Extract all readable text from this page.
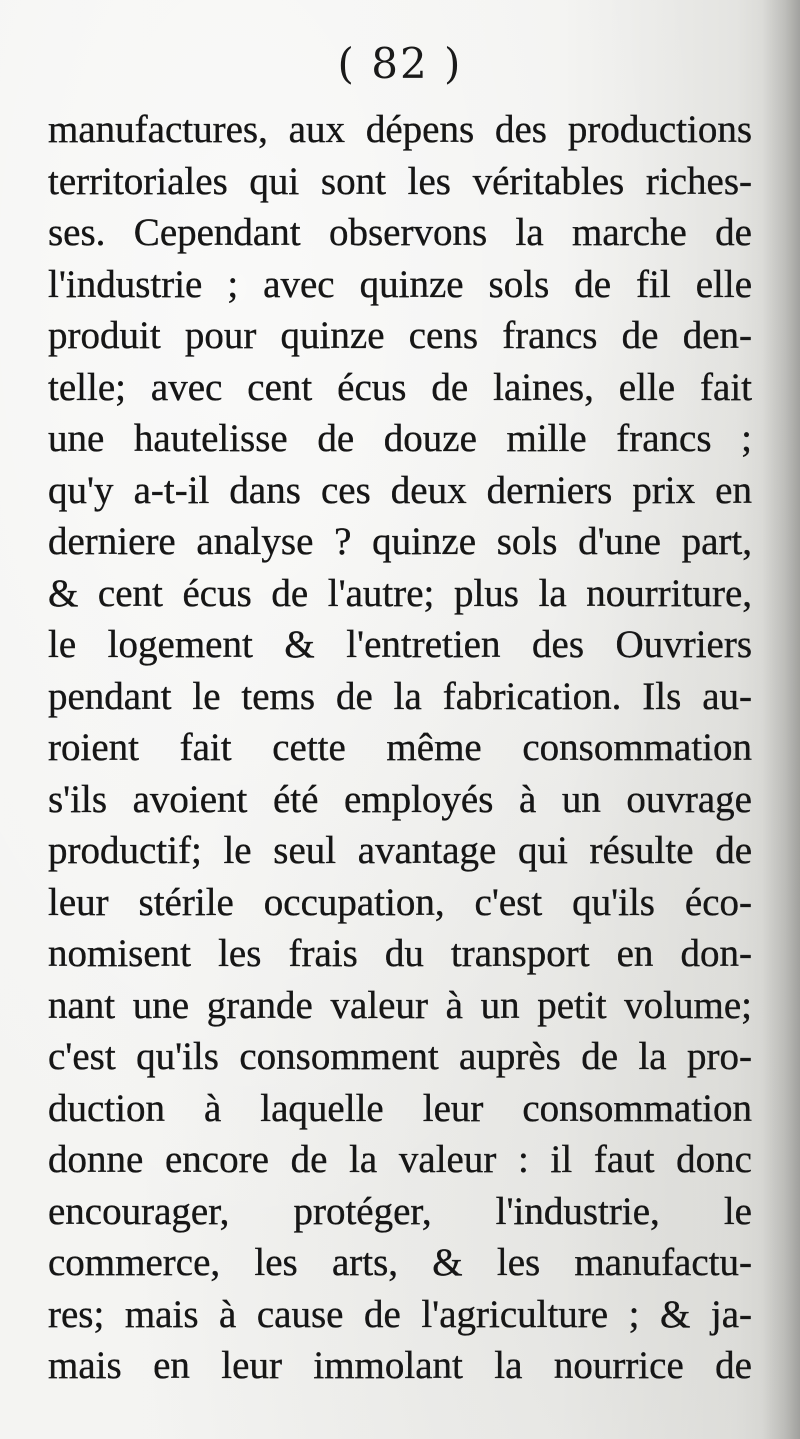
( 82 )
manufactures, aux dépens des productions
territoriales qui sont les véritables riches-
ses. Cependant observons la marche de
l'industrie ; avec quinze sols de fil elle
produit pour quinze cens francs de den-
telle; avec cent écus de laines, elle fait
une hautelisse de douze mille francs ;
qu'y a-t-il dans ces deux derniers prix en
derniere analyse ? quinze sols d'une part,
& cent écus de l'autre; plus la nourriture,
le logement & l'entretien des Ouvriers
pendant le tems de la fabrication. Ils au-
roient fait cette même consommation
s'ils avoient été employés à un ouvrage
productif; le seul avantage qui résulte de
leur stérile occupation, c'est qu'ils éco-
nomisent les frais du transport en don-
nant une grande valeur à un petit volume;
c'est qu'ils consomment auprès de la pro-
duction à laquelle leur consommation
donne encore de la valeur : il faut donc
encourager, protéger, l'industrie, le
commerce, les arts, & les manufactu-
res; mais à cause de l'agriculture ; & ja-
mais en leur immolant la nourrice de
